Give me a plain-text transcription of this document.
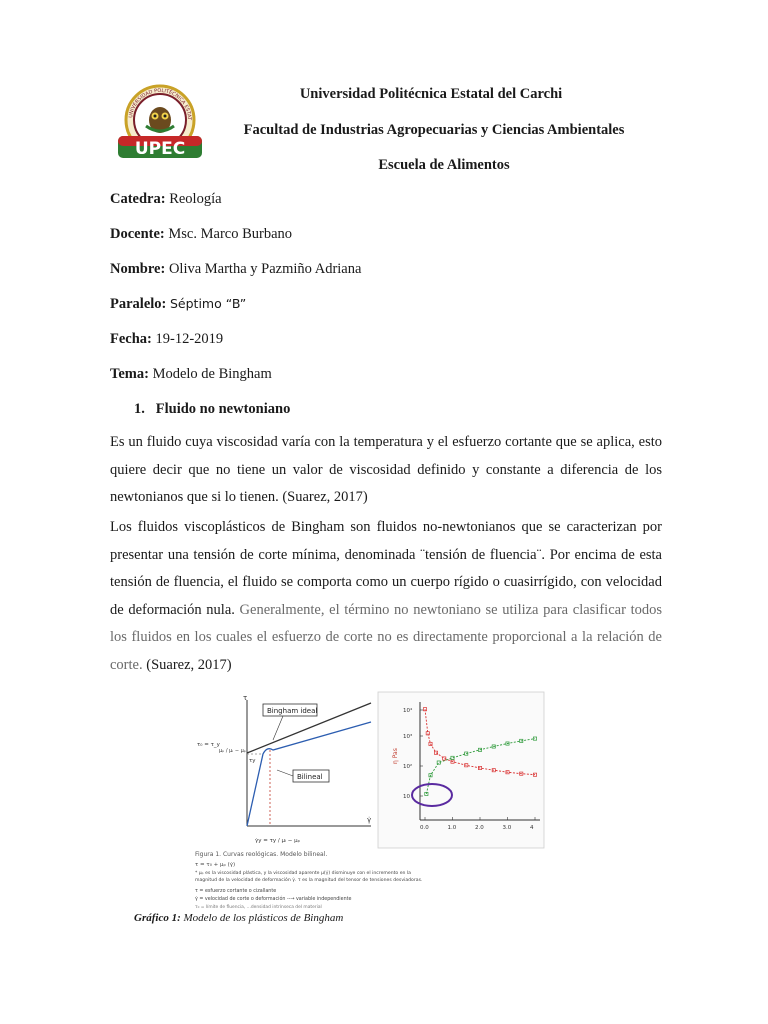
UNIVERSIDAD POLITÉCNICA ESTAT
UPEC
Universidad Politécnica Estatal del Carchi
Facultad de Industrias Agropecuarias y Ciencias Ambientales
Escuela de Alimentos
Catedra: Reología
Docente: Msc. Marco Burbano
Nombre: Oliva Martha y Pazmiño Adriana
Paralelo: Séptimo “B”
Fecha: 19-12-2019
Tema: Modelo de Bingham
1.   Fluido no newtoniano
Es un fluido cuya viscosidad varía con la temperatura y el esfuerzo cortante que se aplica, esto quiere decir que no tiene un valor de viscosidad definido y constante a diferencia de los newtonianos que si lo tienen. (Suarez, 2017)
Los fluidos viscoplásticos de Bingham son fluidos no-newtonianos que se caracterizan por presentar una tensión de corte mínima, denominada ¨tensión de fluencia¨. Por encima de esta tensión de fluencia, el fluido se comporta como un cuerpo rígido o cuasirrígido, con velocidad de deformación nula. Generalmente, el término no newtoniano se utiliza para clasificar todos los fluidos en los cuales el esfuerzo de corte no es directamente proporcional a la relación de corte. (Suarez, 2017)
τ
γ̇
Bingham ideal
Bilineal
τ₀ = τ_y
μₚ / μᵢ − μₚ
τy
γ̇y = τy / μᵢ − μₚ
Figura 1. Curvas reológicas. Modelo bilineal.
τ = τ₀ + μₚ (γ̇)
* μₚ es la viscosidad plástica, y la viscosidad aparente μ(γ̇) disminuye con el incremento en la
magnitud de la velocidad de deformación γ̇. τ es la magnitud del tensor de tensiones desviadoras.
τ = esfuerzo cortante o cizallante
γ̇ = velocidad de corte o deformación --→ variable independiente
τ₀ = límite de fluencia, ...densidad intrínseca del material
η Pas
10⁴
10³
10²
10
0.0	1.0	2.0	3.0	4
Gráfico 1: Modelo de los plásticos de Bingham
